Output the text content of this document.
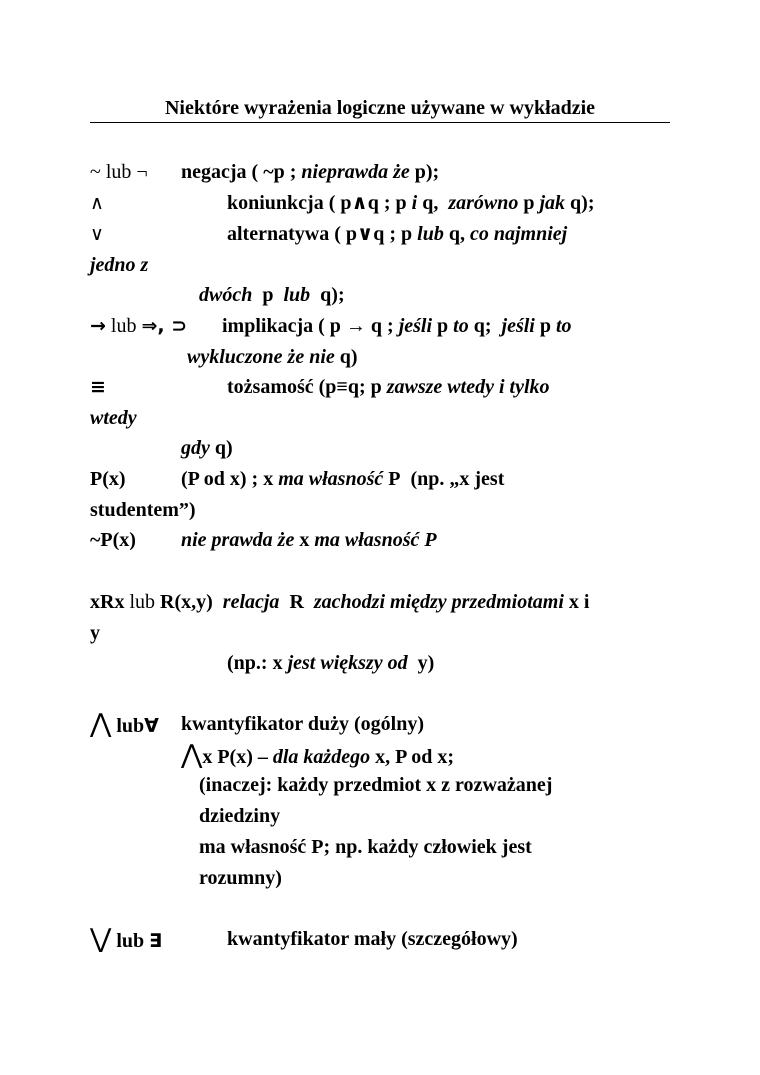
Niektóre wyrażenia logiczne używane w wykładzie
~ lub ¬ negacja ( ~p ; nieprawda że p);
∧	koniunkcja ( p∧q ; p i q, zarówno p jak q);
∨	alternatywa ( p∨q ; p lub q, co najmniej
jedno z
dwóch p lub q);
→ lub ⇒, ⊃ implikacja ( p → q ; jeśli p to q; jeśli p to
wykluczone że nie q)
≡	tożsamość (p≡q; p zawsze wtedy i tylko
wtedy
gdy q)
P(x)	(P od x) ; x ma własność P (np. „x jest
studentem”)
~P(x) nie prawda że x ma własność P
xRx lub R(x,y) relacja R zachodzi między przedmiotami x i
y
(np.: x jest większy od y)
⋀ lub∀ kwantyfikator duży (ogólny)
⋀x P(x) – dla każdego x, P od x;
(inaczej: każdy przedmiot x z rozważanej
dziedziny
ma własność P; np. każdy człowiek jest
rozumny)
⋁ lub ∃	kwantyfikator mały (szczegółowy)
